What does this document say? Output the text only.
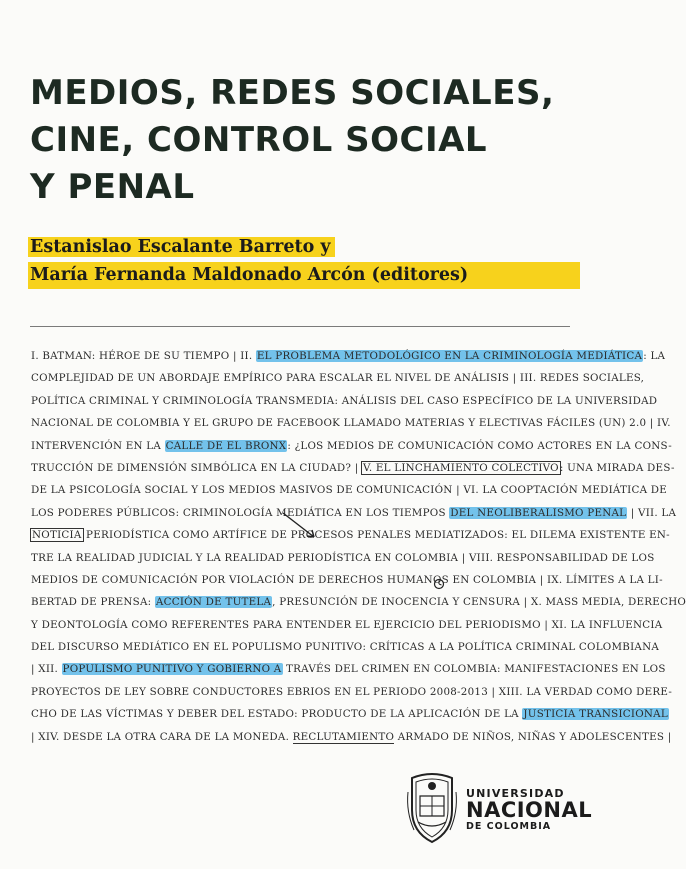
MEDIOS, REDES SOCIALES,
CINE, CONTROL SOCIAL
Y PENAL
Estanislao Escalante Barreto y
María Fernanda Maldonado Arcón (editores)
I. BATMAN: HÉROE DE SU TIEMPO | II. EL PROBLEMA METODOLÓGICO EN LA CRIMINOLOGÍA MEDIÁTICA: LA
COMPLEJIDAD DE UN ABORDAJE EMPÍRICO PARA ESCALAR EL NIVEL DE ANÁLISIS | III. REDES SOCIALES,
POLÍTICA CRIMINAL Y CRIMINOLOGÍA TRANSMEDIA: ANÁLISIS DEL CASO ESPECÍFICO DE LA UNIVERSIDAD
NACIONAL DE COLOMBIA Y EL GRUPO DE FACEBOOK LLAMADO MATERIAS Y ELECTIVAS FÁCILES (UN) 2.0 | IV.
INTERVENCIÓN EN LA CALLE DE EL BRONX: ¿LOS MEDIOS DE COMUNICACIÓN COMO ACTORES EN LA CONS-
TRUCCIÓN DE DIMENSIÓN SIMBÓLICA EN LA CIUDAD? | V. EL LINCHAMIENTO COLECTIVO: UNA MIRADA DES-
DE LA PSICOLOGÍA SOCIAL Y LOS MEDIOS MASIVOS DE COMUNICACIÓN | VI. LA COOPTACIÓN MEDIÁTICA DE
LOS PODERES PÚBLICOS: CRIMINOLOGÍA MEDIÁTICA EN LOS TIEMPOS DEL NEOLIBERALISMO PENAL | VII. LA
NOTICIA PERIODÍSTICA COMO ARTÍFICE DE PROCESOS PENALES MEDIATIZADOS: EL DILEMA EXISTENTE EN-
TRE LA REALIDAD JUDICIAL Y LA REALIDAD PERIODÍSTICA EN COLOMBIA | VIII. RESPONSABILIDAD DE LOS
MEDIOS DE COMUNICACIÓN POR VIOLACIÓN DE DERECHOS HUMANOS EN COLOMBIA | IX. LÍMITES A LA LI-
BERTAD DE PRENSA: ACCIÓN DE TUTELA, PRESUNCIÓN DE INOCENCIA Y CENSURA | X. MASS MEDIA, DERECHO
Y DEONTOLOGÍA COMO REFERENTES PARA ENTENDER EL EJERCICIO DEL PERIODISMO | XI. LA INFLUENCIA
DEL DISCURSO MEDIÁTICO EN EL POPULISMO PUNITIVO: CRÍTICAS A LA POLÍTICA CRIMINAL COLOMBIANA
| XII. POPULISMO PUNITIVO Y GOBIERNO A TRAVÉS DEL CRIMEN EN COLOMBIA: MANIFESTACIONES EN LOS
PROYECTOS DE LEY SOBRE CONDUCTORES EBRIOS EN EL PERIODO 2008-2013 | XIII. LA VERDAD COMO DERE-
CHO DE LAS VÍCTIMAS Y DEBER DEL ESTADO: PRODUCTO DE LA APLICACIÓN DE LA JUSTICIA TRANSICIONAL
| XIV. DESDE LA OTRA CARA DE LA MONEDA. RECLUTAMIENTO ARMADO DE NIÑOS, NIÑAS Y ADOLESCENTES |
UNIVERSIDAD
NACIONAL
DE COLOMBIA
